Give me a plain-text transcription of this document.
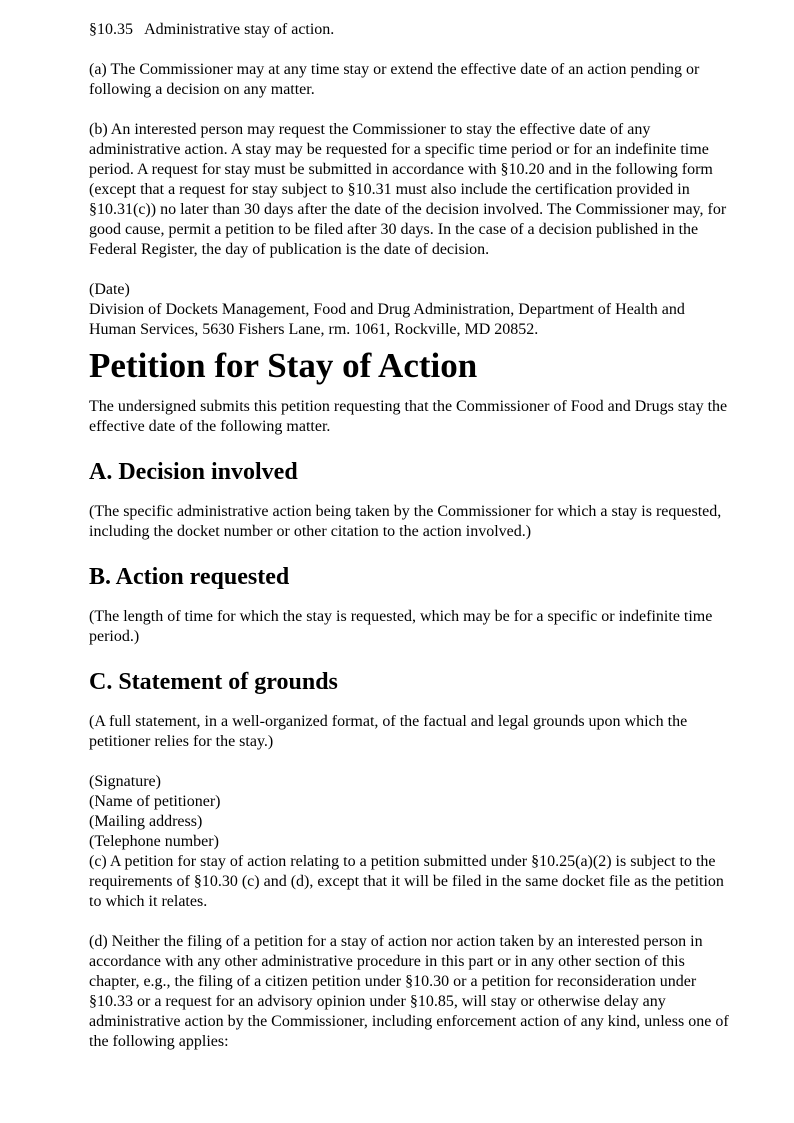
§10.35 Administrative stay of action.

(a) The Commissioner may at any time stay or extend the effective date of an action pending or following a decision on any matter.

(b) An interested person may request the Commissioner to stay the effective date of any administrative action. A stay may be requested for a specific time period or for an indefinite time period. A request for stay must be submitted in accordance with §10.20 and in the following form (except that a request for stay subject to §10.31 must also include the certification provided in §10.31(c)) no later than 30 days after the date of the decision involved. The Commissioner may, for good cause, permit a petition to be filed after 30 days. In the case of a decision published in the Federal Register, the day of publication is the date of decision.

(Date)
Division of Dockets Management, Food and Drug Administration, Department of Health and Human Services, 5630 Fishers Lane, rm. 1061, Rockville, MD 20852.
Petition for Stay of Action

The undersigned submits this petition requesting that the Commissioner of Food and Drugs stay the effective date of the following matter.

A. Decision involved

(The specific administrative action being taken by the Commissioner for which a stay is requested, including the docket number or other citation to the action involved.)

B. Action requested

(The length of time for which the stay is requested, which may be for a specific or indefinite time period.)

C. Statement of grounds

(A full statement, in a well-organized format, of the factual and legal grounds upon which the petitioner relies for the stay.)

(Signature)
(Name of petitioner)
(Mailing address)
(Telephone number)

(c) A petition for stay of action relating to a petition submitted under §10.25(a)(2) is subject to the requirements of §10.30 (c) and (d), except that it will be filed in the same docket file as the petition to which it relates.

(d) Neither the filing of a petition for a stay of action nor action taken by an interested person in accordance with any other administrative procedure in this part or in any other section of this chapter, e.g., the filing of a citizen petition under §10.30 or a petition for reconsideration under §10.33 or a request for an advisory opinion under §10.85, will stay or otherwise delay any administrative action by the Commissioner, including enforcement action of any kind, unless one of the following applies:
